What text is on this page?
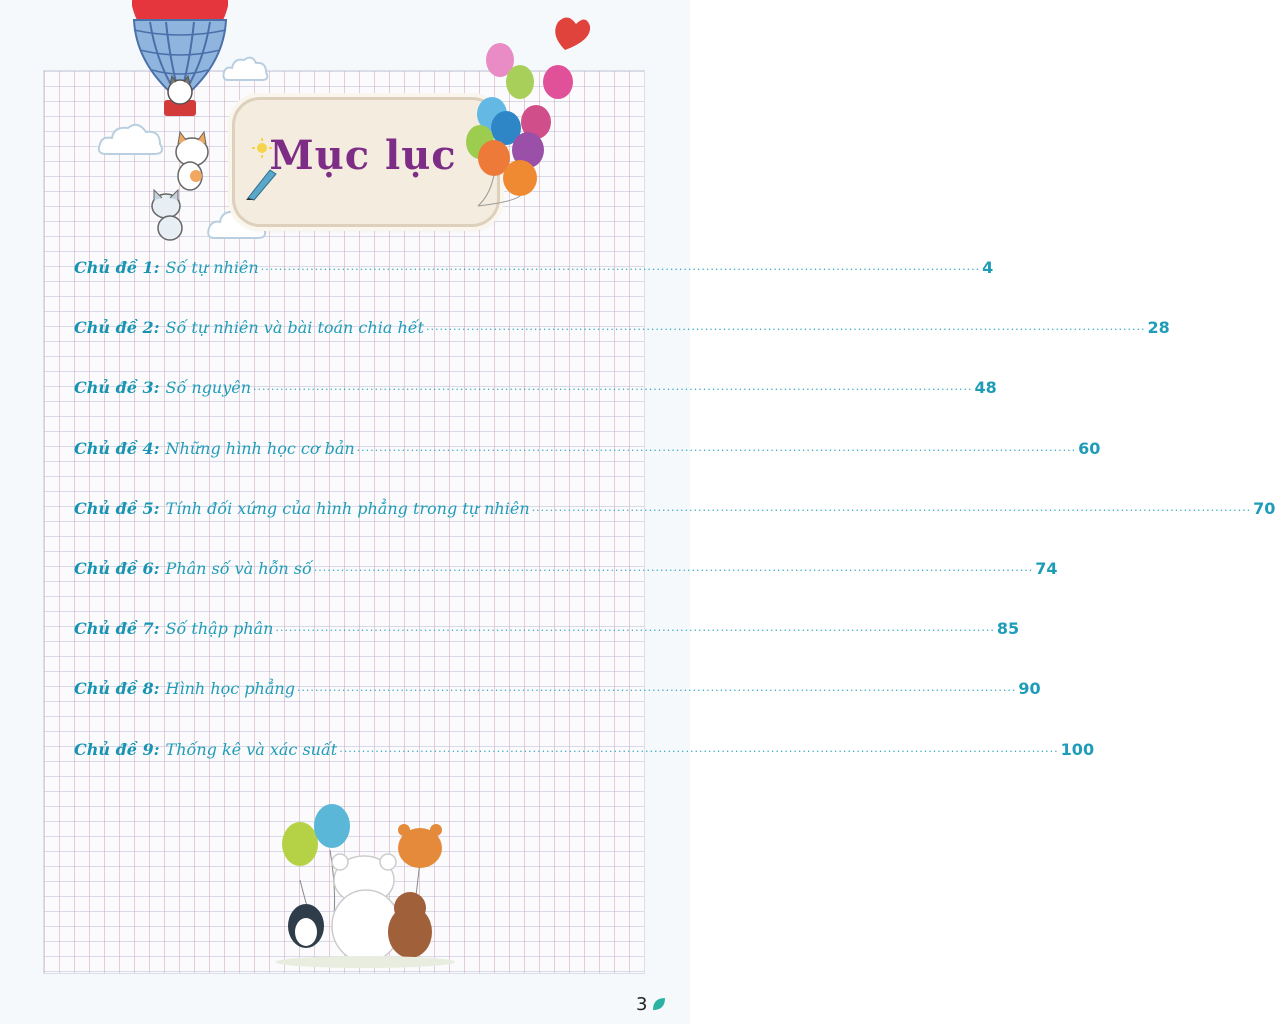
Mục lục
Chủ đề 1: Số tự nhiên ................................................................................................................................................................ 4
Chủ đề 2: Số tự nhiên và bài toán chia hết ................................................................................................................................................................ 28
Chủ đề 3: Số nguyên ................................................................................................................................................................ 48
Chủ đề 4: Những hình học cơ bản ................................................................................................................................................................ 60
Chủ đề 5: Tính đối xứng của hình phẳng trong tự nhiên ................................................................................................................................................................ 70
Chủ đề 6: Phân số và hỗn số ................................................................................................................................................................ 74
Chủ đề 7: Số thập phân ................................................................................................................................................................ 85
Chủ đề 8: Hình học phẳng ................................................................................................................................................................ 90
Chủ đề 9: Thống kê và xác suất ................................................................................................................................................................ 100
3
